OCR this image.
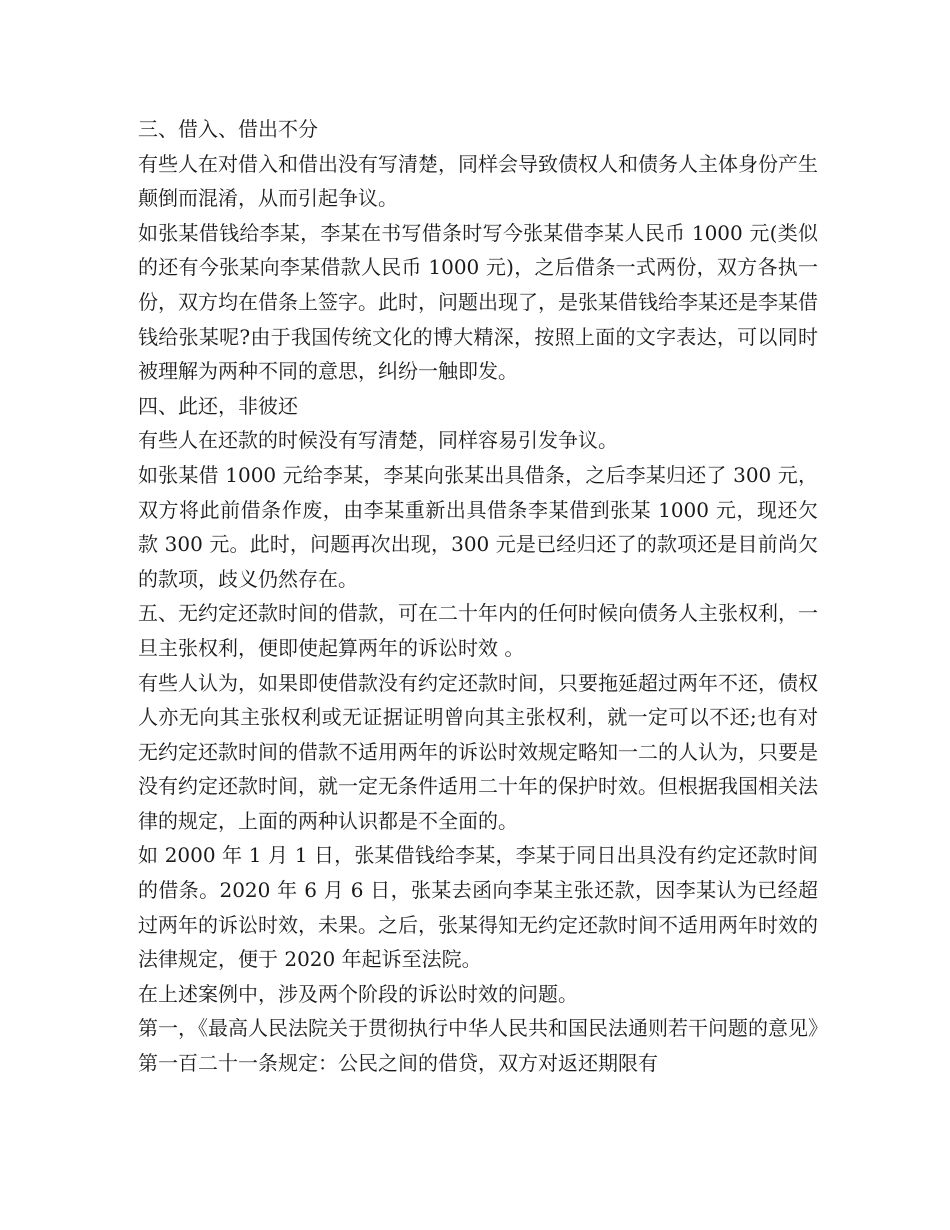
三、借入、借出不分

有些人在对借入和借出没有写清楚，同样会导致债权人和债务人主体身份产生颠倒而混淆，从而引起争议。

如张某借钱给李某，李某在书写借条时写今张某借李某人民币 1000 元(类似的还有今张某向李某借款人民币 1000 元)，之后借条一式两份，双方各执一份，双方均在借条上签字。此时，问题出现了，是张某借钱给李某还是李某借钱给张某呢?由于我国传统文化的博大精深，按照上面的文字表达，可以同时被理解为两种不同的意思，纠纷一触即发。

四、此还，非彼还

有些人在还款的时候没有写清楚，同样容易引发争议。

如张某借 1000 元给李某，李某向张某出具借条，之后李某归还了 300 元，双方将此前借条作废，由李某重新出具借条李某借到张某 1000 元，现还欠款 300 元。此时，问题再次出现，300 元是已经归还了的款项还是目前尚欠的款项，歧义仍然存在。

五、无约定还款时间的借款，可在二十年内的任何时候向债务人主张权利，一旦主张权利，便即使起算两年的诉讼时效 。

有些人认为，如果即使借款没有约定还款时间，只要拖延超过两年不还，债权人亦无向其主张权利或无证据证明曾向其主张权利，就一定可以不还;也有对无约定还款时间的借款不适用两年的诉讼时效规定略知一二的人认为，只要是没有约定还款时间，就一定无条件适用二十年的保护时效。但根据我国相关法律的规定，上面的两种认识都是不全面的。

如 2000 年 1 月 1 日，张某借钱给李某，李某于同日出具没有约定还款时间的借条。2020 年 6 月 6 日，张某去函向李某主张还款，因李某认为已经超过两年的诉讼时效，未果。之后，张某得知无约定还款时间不适用两年时效的法律规定，便于 2020 年起诉至法院。

在上述案例中，涉及两个阶段的诉讼时效的问题。

第一，《最高人民法院关于贯彻执行中华人民共和国民法通则若干问题的意见》第一百二十一条规定：公民之间的借贷，双方对返还期限有
